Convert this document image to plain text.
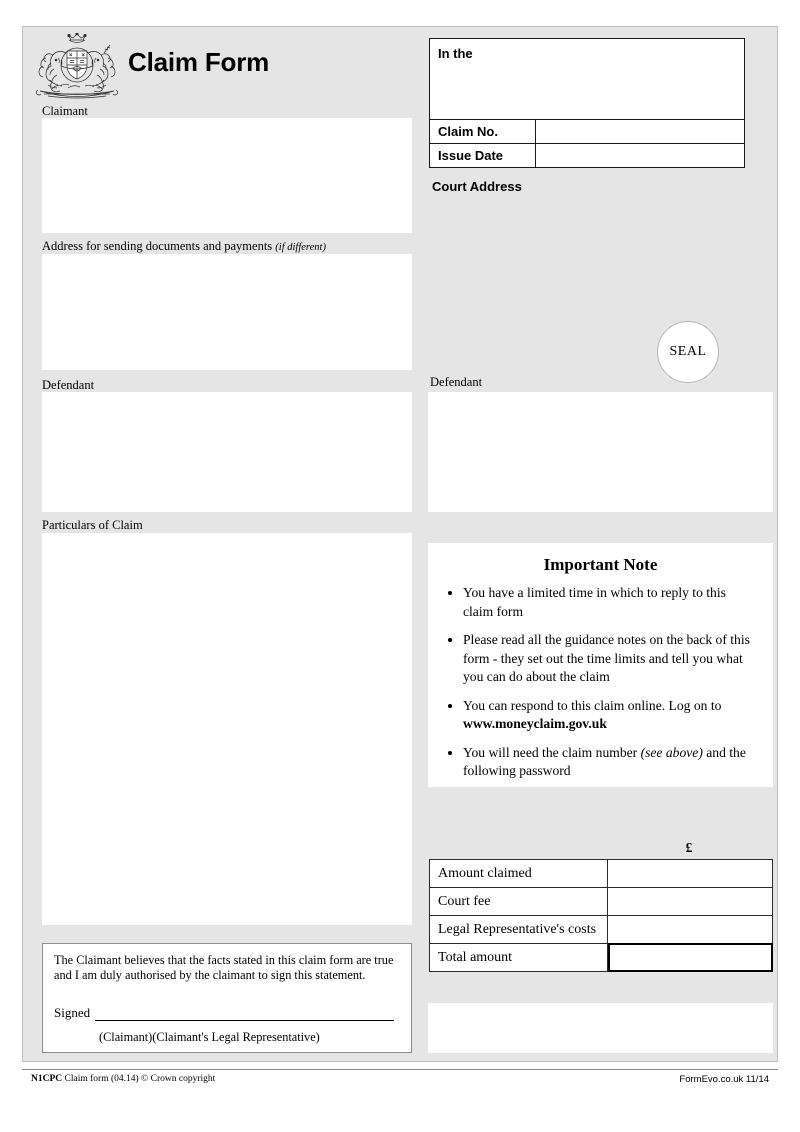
Claim Form
Claimant
Address for sending documents and payments (if different)
Defendant
Particulars of Claim

The Claimant believes that the facts stated in this claim form are true and I am duly authorised by the claimant to sign this statement.

Signed
(Claimant)(Claimant's Legal Representative)
In the
Claim No.
Issue Date
Court Address
SEAL
Defendant
Important Note
• You have a limited time in which to reply to this claim form
• Please read all the guidance notes on the back of this form - they set out the time limits and tell you what you can do about the claim
• You can respond to this claim online. Log on to www.moneyclaim.gov.uk
• You will need the claim number (see above) and the following password
£
Amount claimed
Court fee
Legal Representative's costs
Total amount
N1CPC Claim form (04.14) © Crown copyright	FormEvo.co.uk 11/14
